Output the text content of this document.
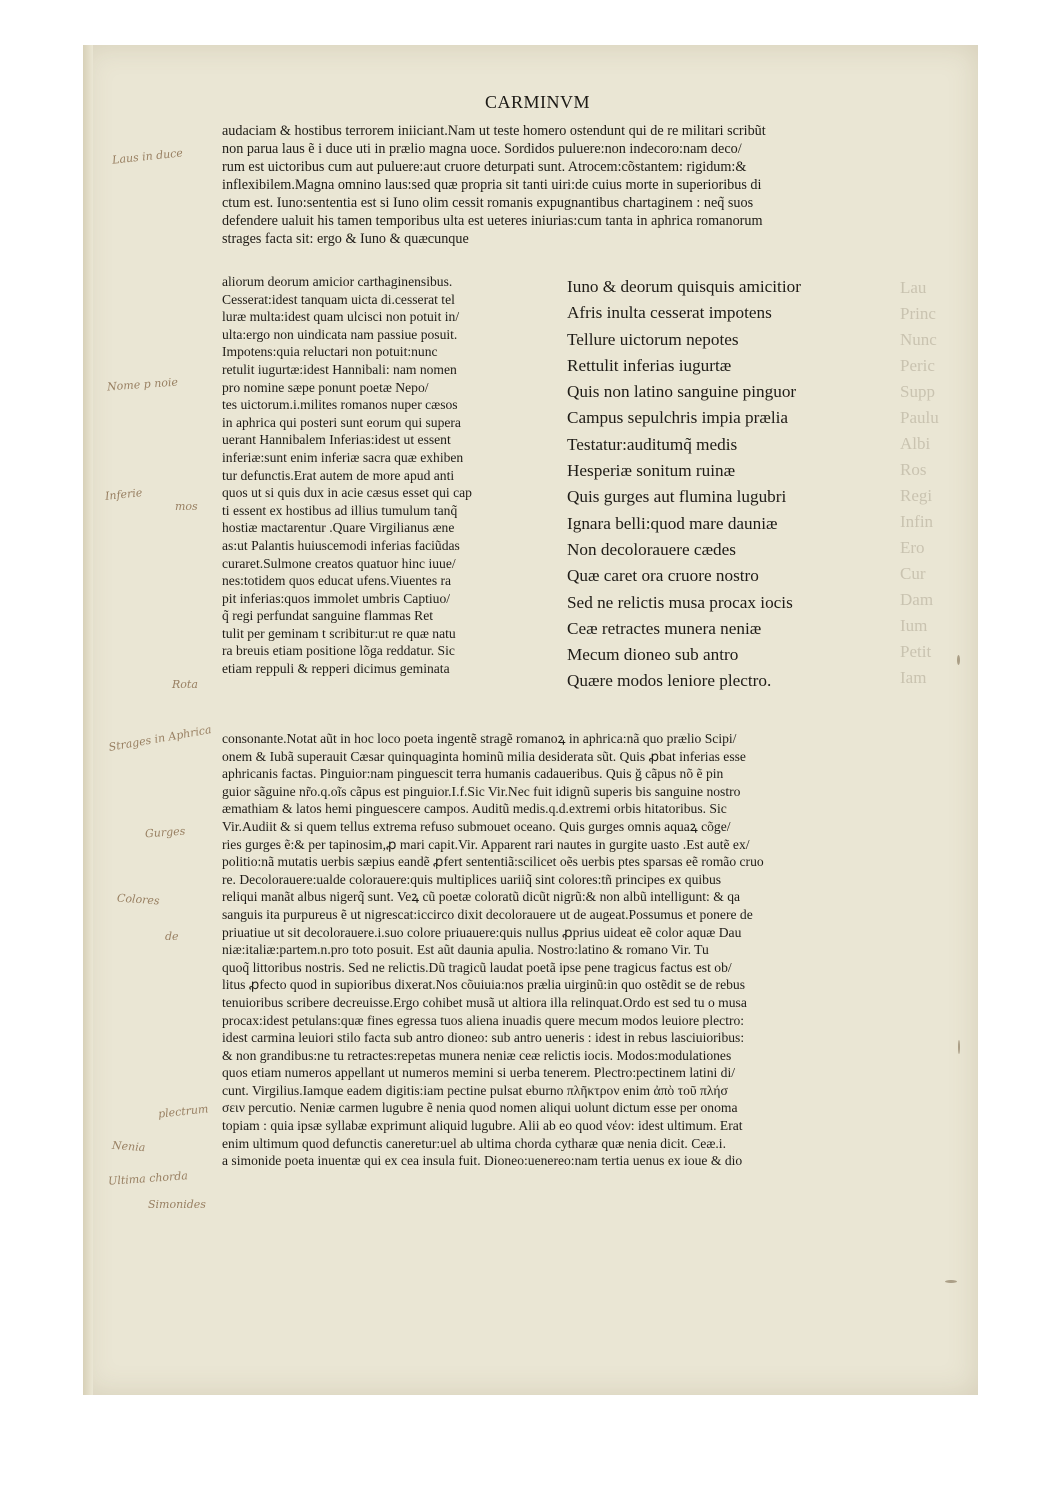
Lau
Princ
Nunc
Peric
Supp
Paulu
Albi
Ros
Regi
Infin
Ero
Cur
Dam
Ium
Petit
Iam
CARMINVM
audaciam & hostibus terrorem iniiciant.Nam ut teste homero ostendunt qui de re militari scribũt
non parua laus ẽ i duce uti in prælio magna uoce. Sordidos puluere:non indecoro:nam deco/
rum est uictoribus cum aut puluere:aut cruore deturpati sunt. Atrocem:cõstantem: rigidum:&
inflexibilem.Magna omnino laus:sed quæ propria sit tanti uiri:de cuius morte in superioribus di
ctum est. Iuno:sententia est si Iuno olim cessit romanis expugnantibus chartaginem : neq̃ suos
defendere ualuit his tamen temporibus ulta est ueteres iniurias:cum tanta in aphrica romanorum
strages facta sit: ergo & Iuno & quæcunque
aliorum deorum amicior carthaginensibus.
Cesserat:idest tanquam uicta di.cesserat tel
luræ multa:idest quam ulcisci non potuit in/
ulta:ergo non uindicata nam passiue posuit.
Impotens:quia reluctari non potuit:nunc
retulit iugurtæ:idest Hannibali: nam nomen
pro nomine sæpe ponunt poetæ Nepo/
tes uictorum.i.milites romanos nuper cæsos
in aphrica qui posteri sunt eorum qui supera
uerant Hannibalem Inferias:idest ut essent
inferiæ:sunt enim inferiæ sacra quæ exhiben
tur defunctis.Erat autem de more apud anti
quos ut si quis dux in acie cæsus esset qui cap
ti essent ex hostibus ad illius tumulum tanq̃
hostiæ mactarentur .Quare Virgilianus æne
as:ut Palantis huiuscemodi inferias faciũdas
curaret.Sulmone creatos quatuor hinc iuue/
nes:totidem quos educat ufens.Viuentes ra
pit inferias:quos immolet umbris Captiuo/
q̃ regi perfundat sanguine flammas Ret
tulit per geminam t scribitur:ut re quæ natu
ra breuis etiam positione lõga reddatur. Sic
etiam reppuli & repperi dicimus geminata
Iuno & deorum quisquis amicitior
Afris inulta cesserat impotens
Tellure uictorum nepotes
Rettulit inferias iugurtæ
Quis non latino sanguine pinguor
Campus sepulchris impia prælia
Testatur:auditumq̃ medis
Hesperiæ sonitum ruinæ
Quis gurges aut flumina lugubri
Ignara belli:quod mare dauniæ
Non decolorauere cædes
Quæ caret ora cruore nostro
Sed ne relictis musa procax iocis
Ceæ retractes munera neniæ
Mecum dioneo sub antro
Quære modos leniore plectro.
consonante.Notat aũt in hoc loco poeta ingentẽ stragẽ romanoꝝ in aphrica:nã quo prælio Scipi/
onem & Iubã superauit Cæsar quinquaginta hominũ milia desiderata sũt. Quis ꝓbat inferias esse
aphricanis factas. Pinguior:nam pinguescit terra humanis cadaueribus. Quis ğ cãpus nõ ẽ pin
guior sãguine nr̃o.q.oĩs cãpus est pinguior.I.f.Sic Vir.Nec fuit idignũ superis bis sanguine nostro
æmathiam & latos hemi pinguescere campos. Auditũ medis.q.d.extremi orbis hitatoribus. Sic
Vir.Audiit & si quem tellus extrema refuso submouet oceano. Quis gurges omnis aquaꝝ cõge/
ries gurges ẽ:& per tapinosim,ꝓ mari capit.Vir. Apparent rari nautes in gurgite uasto .Est autẽ ex/
politio:nã mutatis uerbis sæpius eandẽ ꝓfert sententiã:scilicet oẽs uerbis ptes sparsas eẽ romão cruo
re. Decolorauere:ualde colorauere:quis multiplices uariiq̃ sint colores:tñ principes ex quibus
reliqui manãt albus nigerq̃ sunt. Veꝝ cũ poetæ coloratũ dicũt nigrũ:& non albũ intelligunt: & qa
sanguis ita purpureus ẽ ut nigrescat:iccirco dixit decolorauere ut de augeat.Possumus et ponere de
priuatiue ut sit decolorauere.i.suo colore priuauere:quis nullus ꝓprius uideat eẽ color aquæ Dau
niæ:italiæ:partem.n.pro toto posuit. Est aũt daunia apulia. Nostro:latino & romano Vir. Tu
quoq̃ littoribus nostris. Sed ne relictis.Dũ tragicũ laudat poetã ipse pene tragicus factus est ob/
litus ꝓfecto quod in supioribus dixerat.Nos cõuiuia:nos prælia uirginũ:in quo ostẽdit se de rebus
tenuioribus scribere decreuisse.Ergo cohibet musã ut altiora illa relinquat.Ordo est sed tu o musa
procax:idest petulans:quæ fines egressa tuos aliena inuadis quere mecum modos leuiore plectro:
idest carmina leuiori stilo facta sub antro dioneo: sub antro ueneris : idest in rebus lasciuioribus:
& non grandibus:ne tu retractes:repetas munera neniæ ceæ relictis iocis. Modos:modulationes
quos etiam numeros appellant ut numeros memini si uerba tenerem. Plectro:pectinem latini di/
cunt. Virgilius.Iamque eadem digitis:iam pectine pulsat eburno πλῆκτρον enim ἀπὸ τοῦ πλήσ
σειν percutio. Neniæ carmen lugubre ẽ nenia quod nomen aliqui uolunt dictum esse per onoma
topiam : quia ipsæ syllabæ exprimunt aliquid lugubre. Alii ab eo quod νέον: idest ultimum. Erat
enim ultimum quod defunctis caneretur:uel ab ultima chorda cytharæ quæ nenia dicit. Ceæ.i.
a simonide poeta inuentæ qui ex cea insula fuit. Dioneo:uenereo:nam tertia uenus ex ioue & dio
Laus in duce
Nome p noie
Inferie
mos
Rota
Strages in Aphrica
Gurges
Colores
de
plectrum
Nenia
Ultima chorda
Simonides
